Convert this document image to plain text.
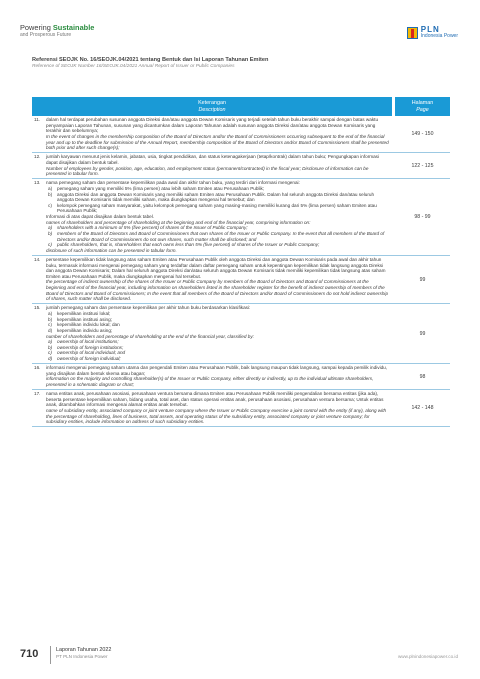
Powering Sustainable
and Prosperous Future
PLN
Indonesia Power
Referensi SEOJK No. 16/SEOJK.04/2021 tentang Bentuk dan Isi Laporan Tahunan Emiten
Reference of SEOJK Number 16/SEOJK.04/2021 Annual Report of Issuer or Public Companies
Keterangan
Description
Halaman
Page
11.	dalam hal terdapat perubahan susunan anggota Direksi dan/atau anggota Dewan Komisaris yang terjadi setelah tahun buku berakhir sampai dengan batas waktu penyampaian Laporan Tahunan, susunan yang dicantumkan dalam Laporan Tahunan adalah susunan anggota Direksi dan/atau anggota Dewan Komisaris yang terakhir dan sebelumnya;
In the event of changes in the membership composition of the Board of Directors and/or the Board of Commissioners occurring subsequent to the end of the financial year and up to the deadline for submission of the Annual Report, membership composition of the Board of Directors and/or Board of Commissioners shall be presented both prior and after such change(s);
149 - 150
12.	jumlah karyawan menurut jenis kelamin, jabatan, usia, tingkat pendidikan, dan status ketenagakerjaan (tetap/kontrak) dalam tahun buku; Pengungkapan informasi dapat disajikan dalam bentuk tabel.
Number of employees by gender, position, age, education, and employment status (permanent/contracted) in the fiscal year; Disclosure of information can be presented in tabular form.
122 - 125
13.	nama pemegang saham dan persentase kepemilikan pada awal dan akhir tahun buku, yang terdiri dari informasi mengenai:
a)	pemegang saham yang memiliki 5% (lima persen) atau lebih saham Emiten atau Perusahaan Publik;
b)	anggota Direksi dan anggota Dewan Komisaris yang memiliki saham Emiten atau Perusahaan Publik. Dalam hal seluruh anggota Direksi dan/atau seluruh anggota Dewan Komisaris tidak memiliki saham, maka diungkapkan mengenai hal tersebut; dan
c)	kelompok pemegang saham masyarakat, yaitu kelompok pemegang saham yang masing-masing memiliki kurang dari 5% (lima persen) saham Emiten atau Perusahaan Publik;
Informasi di atas dapat disajikan dalam bentuk tabel.
names of shareholders and percentage of shareholding at the beginning and end of the financial year, comprising information on:
a)	shareholders with a minimum of 5% (five percent) of shares of the Issuer of Public Company;
b)	members of the Board of Directors and Board of Commissioners that own shares of the Issuer or Public Company. In the event that all members of the Board of Directors and/or Board of Commissioners do not own shares, such matter shall be disclosed; and
c)	public shareholders, that is, shareholders that each owns less than 5% (five percent) of shares of the Issuer or Public Company;
disclosure of such information can be presented in tabular form.
98 - 99
14.	persentase kepemilikan tidak langsung atas saham Emiten atau Perusahaan Publik oleh anggota Direksi dan anggota Dewan Komisaris pada awal dan akhir tahun buku, termasuk informasi mengenai pemegang saham yang terdaftar dalam daftar pemegang saham untuk kepentingan kepemilikan tidak langsung anggota Direksi dan anggota Dewan Komisaris; Dalam hal seluruh anggota Direksi dan/atau seluruh anggota Dewan Komisaris tidak memiliki kepemilikan tidak langsung atas saham Emiten atau Perusahaan Publik, maka diungkapkan mengenai hal tersebut.
the percentage of indirect ownership of the shares of the Issuer or Public Company by members of the Board of Directors and Board of Commissioners at the beginning and end of the financial year, including information on shareholders listed in the shareholder register for the benefit of indirect ownership of members of the Board of Directors and Board of Commissioners; In the event that all members of the Board of Directors and/or Board of Commissioners do not hold indirect ownership of shares, such matter shall be disclosed.
99
15.	jumlah pemegang saham dan persentase kepemilikan per akhir tahun buku berdasarkan klasifikasi:
a)	kepemilikan institusi lokal;
b)	kepemilikan institusi asing;
c)	kepemilikan individu lokal; dan
d)	kepemilikan individu asing;
number of shareholders and percentage of shareholding at the end of the financial year, classified by:
a)	ownership of local institutions;
b)	ownership of foreign institutions;
c)	ownership of local individual; and
d)	ownership of foreign individual;
99
16.	informasi mengenai pemegang saham utama dan pengendali Emiten atau Perusahaan Publik, baik langsung maupun tidak langsung, sampai kepada pemilik individu, yang disajikan dalam bentuk skema atau bagan;
information on the majority and controlling shareholder(s) of the Issuer or Public Company, either directly or indirectly, up to the individual ultimate shareholders, presented in a schematic diagram or chart;
98
17.	nama entitas anak, perusahaan asosiasi, perusahaan ventura bersama dimana Emiten atau Perusahaan Publik memiliki pengendalian bersama entitas (jika ada), beserta persentase kepemilikan saham, bidang usaha, total aset, dan status operasi entitas anak, perusahaan asosiasi, perusahaan ventura bersama; Untuk entitas anak, ditambahkan informasi mengenai alamat entitas anak tersebut.
name of subsidiary entity, associated company or joint venture company where the Issuer or Public Company exercise a joint control with the entity (if any), along with the percentage of shareholding, lines of business, total assets, and operating status of the subsidiary entity, associated company or joint venture company; for subsidiary entities, include information on address of such subsidiary entities.
142 - 148
710	Laporan Tahunan 2022
PT PLN Indonesia Power	www.plnindonesiapower.co.id
